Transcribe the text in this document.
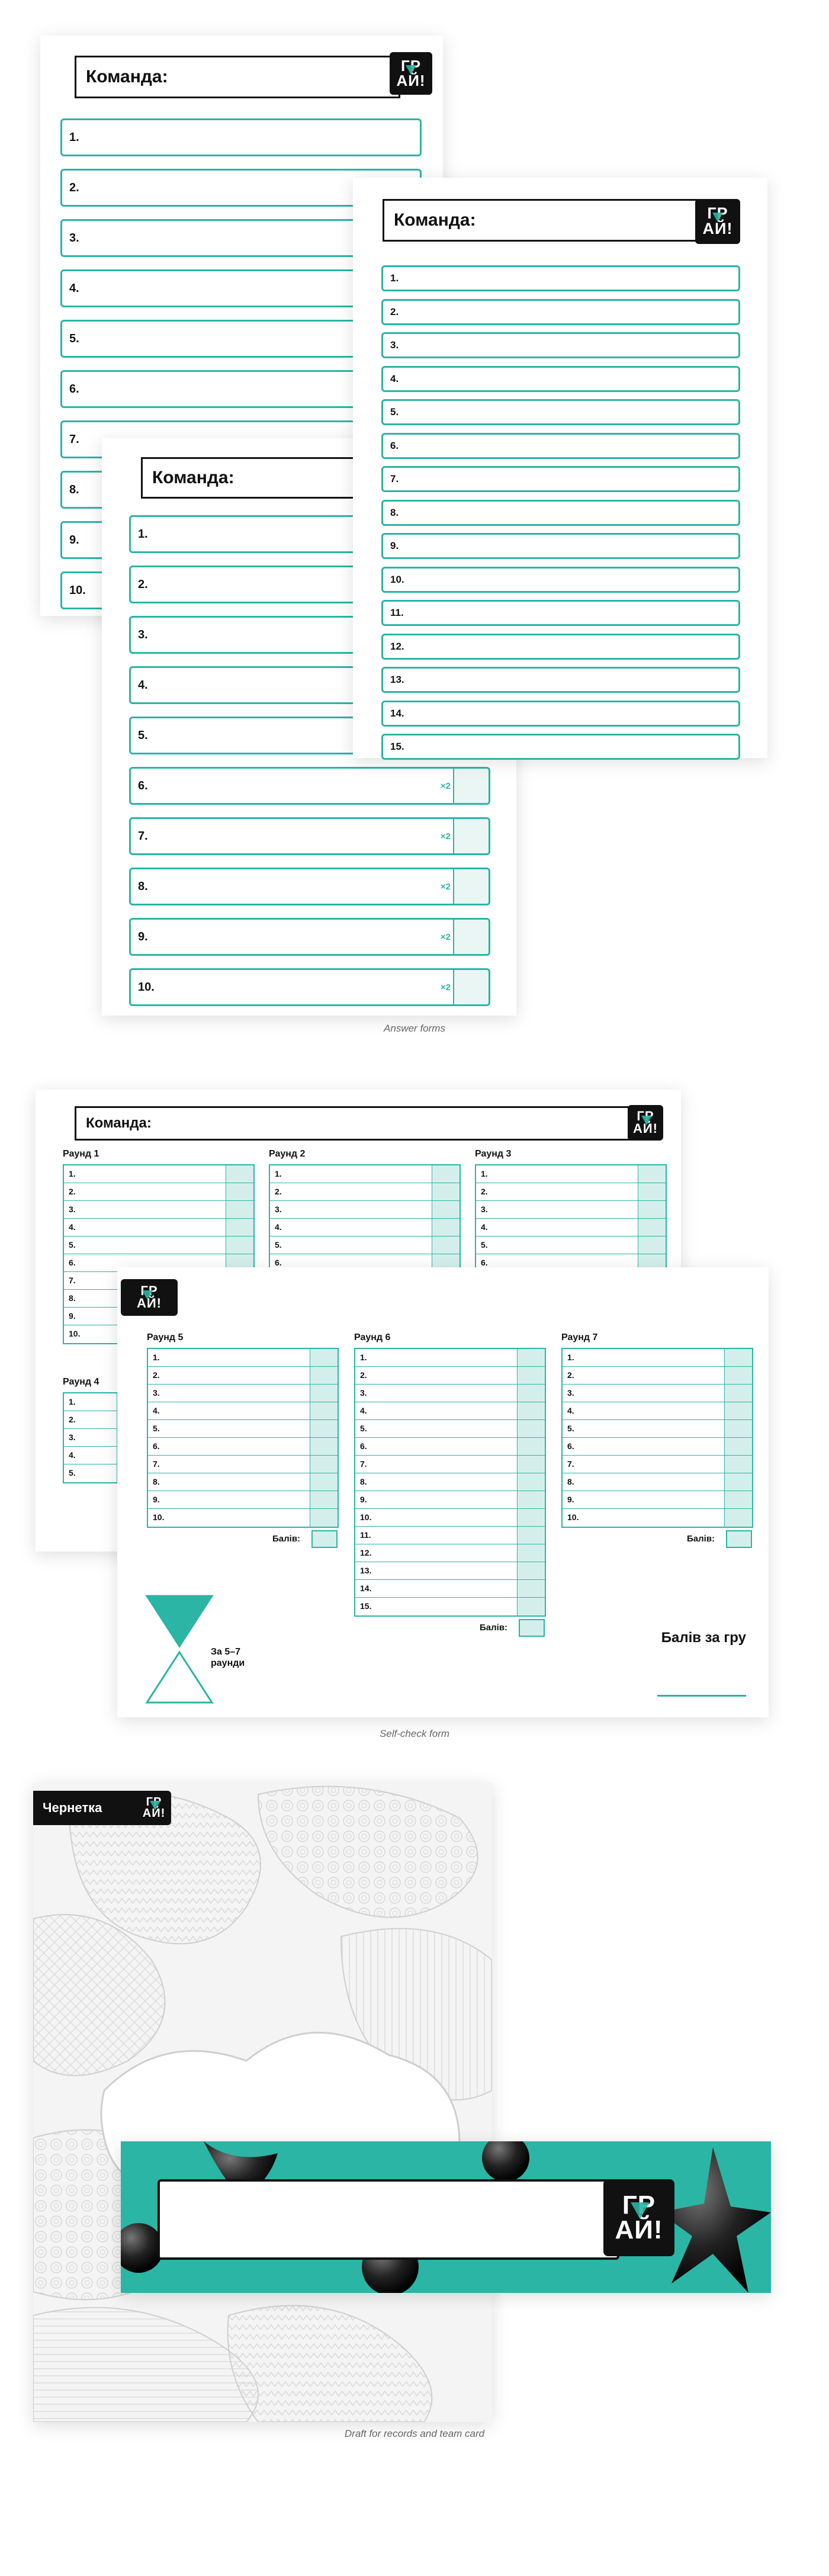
Команда:
ГР
АЙ!
1.
2.
3.
4.
5.
6.
7.
8.
9.
10.
Команда:
1.
2.
3.
4.
5.
6.	×2
7.	×2
8.	×2
9.	×2
10.	×2
Команда:	ГР
АЙ!
1.
2.
3.
4.
5.
6.
7.
8.
9.
10.
11.
12.
13.
14.
15.
Answer forms
Команда:	ГР
АЙ!
Раунд 1
1.
2.
3.
4.
5.
6.
7.
8.
9.
10.
Раунд 2
1.
2.
3.
4.
5.
6.
Раунд 3
1.
2.
3.
4.
5.
6.
Раунд 4
1.
2.
3.
4.
5.
ГР
АЙ!
Раунд 5
1.
2.
3.
4.
5.
6.
7.
8.
9.
10.
Балів:
Раунд 6
1.
2.
3.
4.
5.
6.
7.
8.
9.
10.
11.
12.
13.
14.
15.
Балів:
Раунд 7
1.
2.
3.
4.
5.
6.
7.
8.
9.
10.
Балів:
За 5–7
раунди
Балів за гру
Self-check form
Чернетка	ГР
АЙ!
ГР
АЙ!
Draft for records and team card
